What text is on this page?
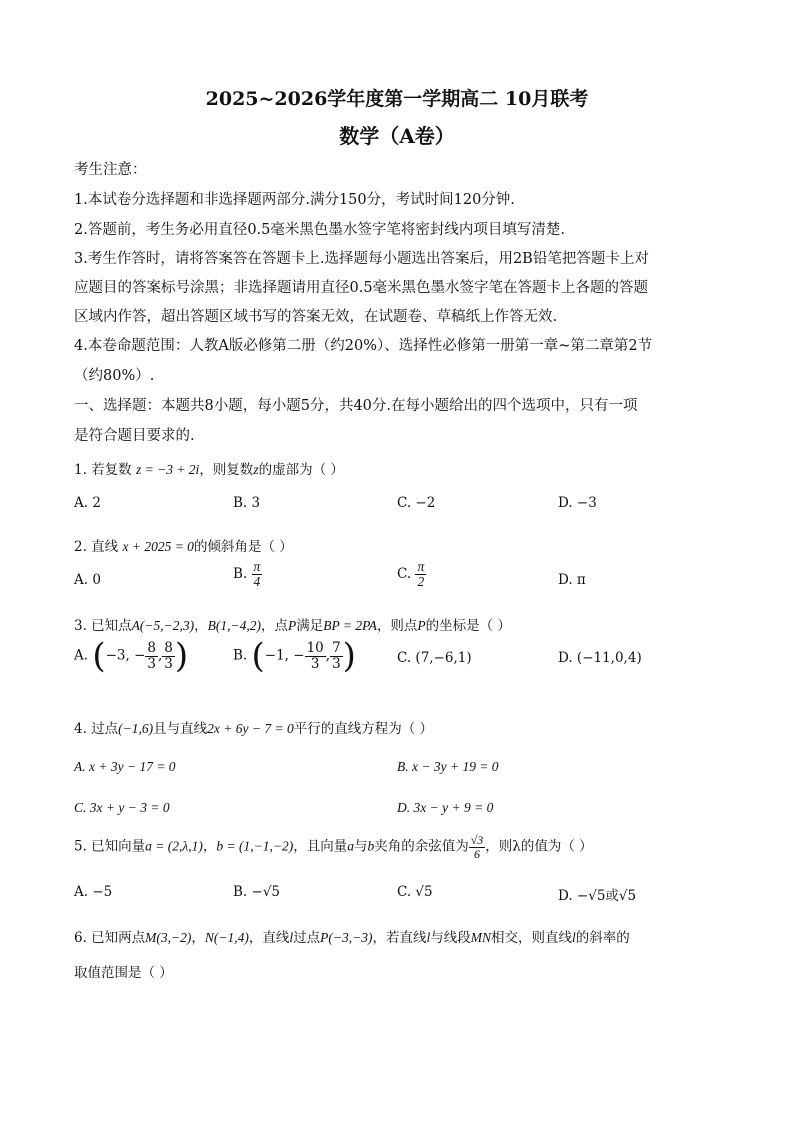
2025~2026学年度第一学期高二 10月联考
数学（A卷）
考生注意：
1.本试卷分选择题和非选择题两部分.满分150分，考试时间120分钟.
2.答题前，考生务必用直径0.5毫米黑色墨水签字笔将密封线内项目填写清楚.
3.考生作答时，请将答案答在答题卡上.选择题每小题选出答案后，用2B铅笔把答题卡上对
应题目的答案标号涂黑；非选择题请用直径0.5毫米黑色墨水签字笔在答题卡上各题的答题
区域内作答，超出答题区域书写的答案无效，在试题卷、草稿纸上作答无效.
4.本卷命题范围：人教A版必修第二册（约20%）、选择性必修第一册第一章~第二章第2节
（约80%）.
一、选择题：本题共8小题，每小题5分，共40分.在每小题给出的四个选项中，只有一项
是符合题目要求的.
1. 若复数 z = −3 + 2i，则复数z的虚部为（ ）
A. 2	B. 3	C. −2	D. −3
2. 直线 x + 2025 = 0的倾斜角是（ ）
A. 0	B. $\frac{\pi}{4}$	C. $\frac{\pi}{2}$	D. π
3. 已知点A(−5,−2,3)，B(1,−4,2)，点P满足BP = 2PA，则点P的坐标是（ ）
A. (−3, − $\frac{8}{3}$ , $\frac{8}{3}$ )	B. (−1, − $\frac{10}{3}$ , $\frac{7}{3}$ )	C. (7,−6,1)	D. (−11,0,4)
4. 过点(−1,6)且与直线2x + 6y − 7 = 0平行的直线方程为（ ）
A. x + 3y − 17 = 0	B. x − 3y + 19 = 0
C. 3x + y − 3 = 0	D. 3x − y + 9 = 0
5. 已知向量a = (2,λ,1)，b = (1,−1,−2)，且向量a与b夹角的余弦值为 $\frac{√3}{6}$ ，则λ的值为（ ）
A. −5	B. −√5	C. √5	D. −√5或√5
6. 已知两点M(3,−2)，N(−1,4)，直线l过点P(−3,−3)，若直线l与线段MN相交，则直线l的斜率的
取值范围是（ ）
